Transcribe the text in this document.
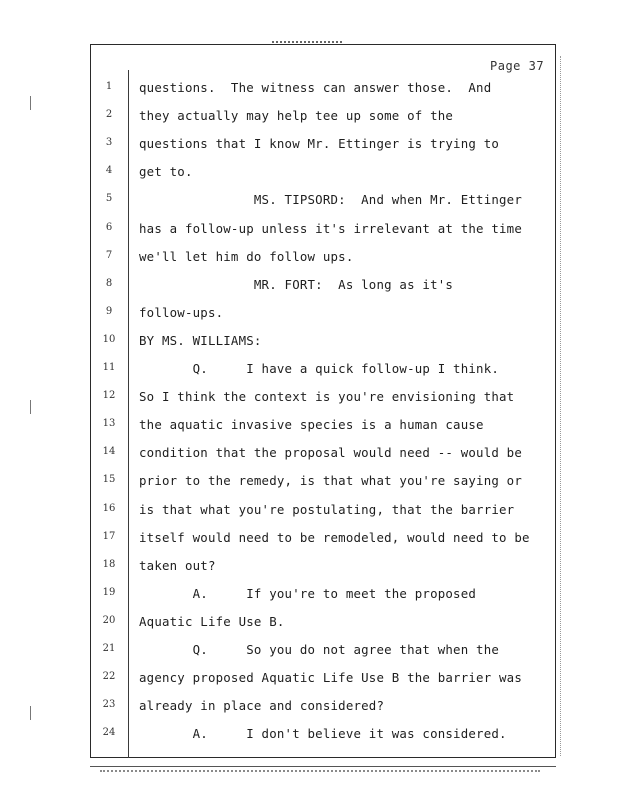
Page 37
1	questions.  The witness can answer those.  And
2	they actually may help tee up some of the
3	questions that I know Mr. Ettinger is trying to
4	get to.
5	MS. TIPSORD:  And when Mr. Ettinger
6	has a follow-up unless it's irrelevant at the time
7	we'll let him do follow ups.
8	MR. FORT:  As long as it's
9	follow-ups.
10 BY MS. WILLIAMS:
11 Q.     I have a quick follow-up I think.
12 So I think the context is you're envisioning that
13 the aquatic invasive species is a human cause
14 condition that the proposal would need -- would be
15 prior to the remedy, is that what you're saying or
16 is that what you're postulating, that the barrier
17 itself would need to be remodeled, would need to be
18 taken out?
19 A.     If you're to meet the proposed
20 Aquatic Life Use B.
21 Q.     So you do not agree that when the
22 agency proposed Aquatic Life Use B the barrier was
23 already in place and considered?
24 A.     I don't believe it was considered.
